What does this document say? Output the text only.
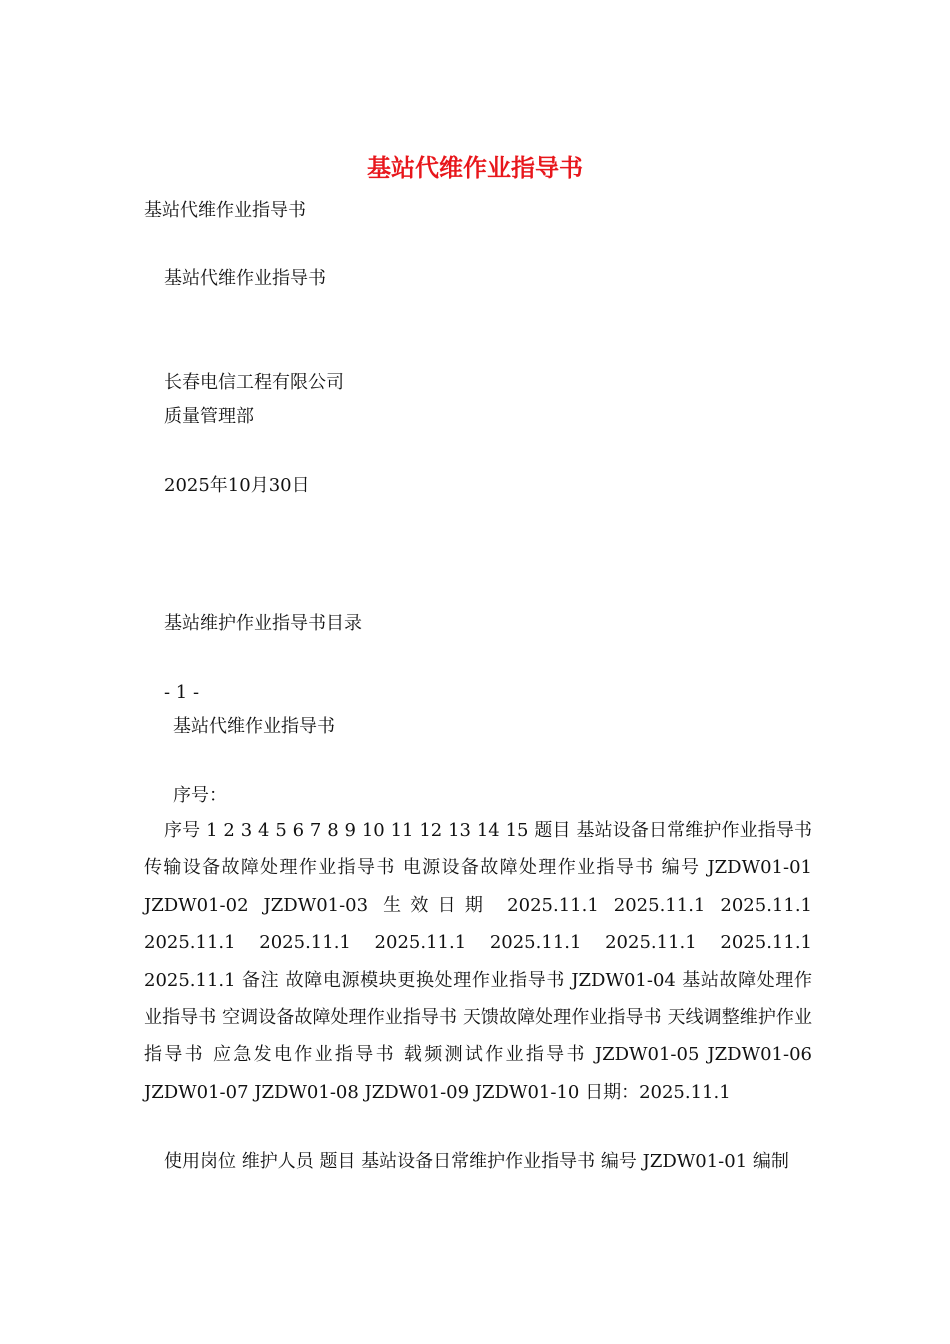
基站代维作业指导书
基站代维作业指导书
基站代维作业指导书
长春电信工程有限公司
质量管理部
2025年10月30日
基站维护作业指导书目录
- 1 -
基站代维作业指导书
序号：
序号 1 2 3 4 5 6 7 8 9 10 11 12 13 14 15 题目 基站设备日常维护作业指导书 传输设备故障处理作业指导书 电源设备故障处理作业指导书 编号 JZDW01-01 JZDW01-02 JZDW01-03 生效日期 2025.11.1 2025.11.1 2025.11.1 2025.11.1 2025.11.1 2025.11.1 2025.11.1 2025.11.1 2025.11.1 2025.11.1 备注 故障电源模块更换处理作业指导书 JZDW01-04 基站故障处理作业指导书 空调设备故障处理作业指导书 天馈故障处理作业指导书 天线调整维护作业指导书 应急发电作业指导书 载频测试作业指导书 JZDW01-05 JZDW01-06 JZDW01-07 JZDW01-08 JZDW01-09 JZDW01-10 日期：2025.11.1
使用岗位 维护人员 题目 基站设备日常维护作业指导书 编号 JZDW01-01 编制
